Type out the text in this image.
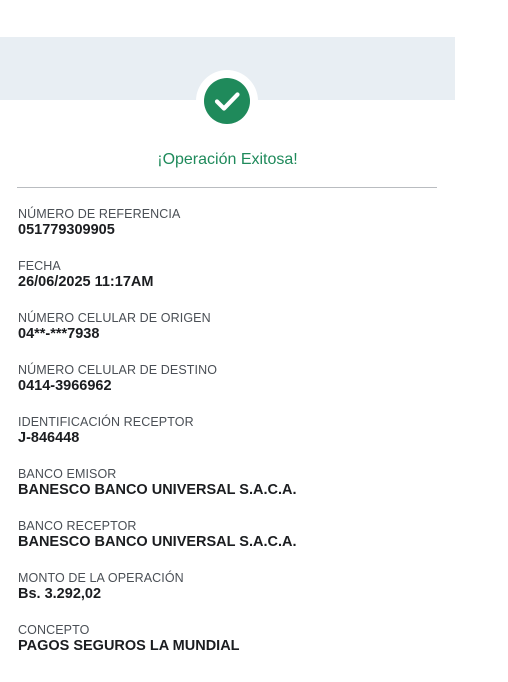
¡Operación Exitosa!
NÚMERO DE REFERENCIA
051779309905
FECHA
26/06/2025 11:17AM
NÚMERO CELULAR DE ORIGEN
04**-***7938
NÚMERO CELULAR DE DESTINO
0414-3966962
IDENTIFICACIÓN RECEPTOR
J-846448
BANCO EMISOR
BANESCO BANCO UNIVERSAL S.A.C.A.
BANCO RECEPTOR
BANESCO BANCO UNIVERSAL S.A.C.A.
MONTO DE LA OPERACIÓN
Bs. 3.292,02
CONCEPTO
PAGOS SEGUROS LA MUNDIAL
